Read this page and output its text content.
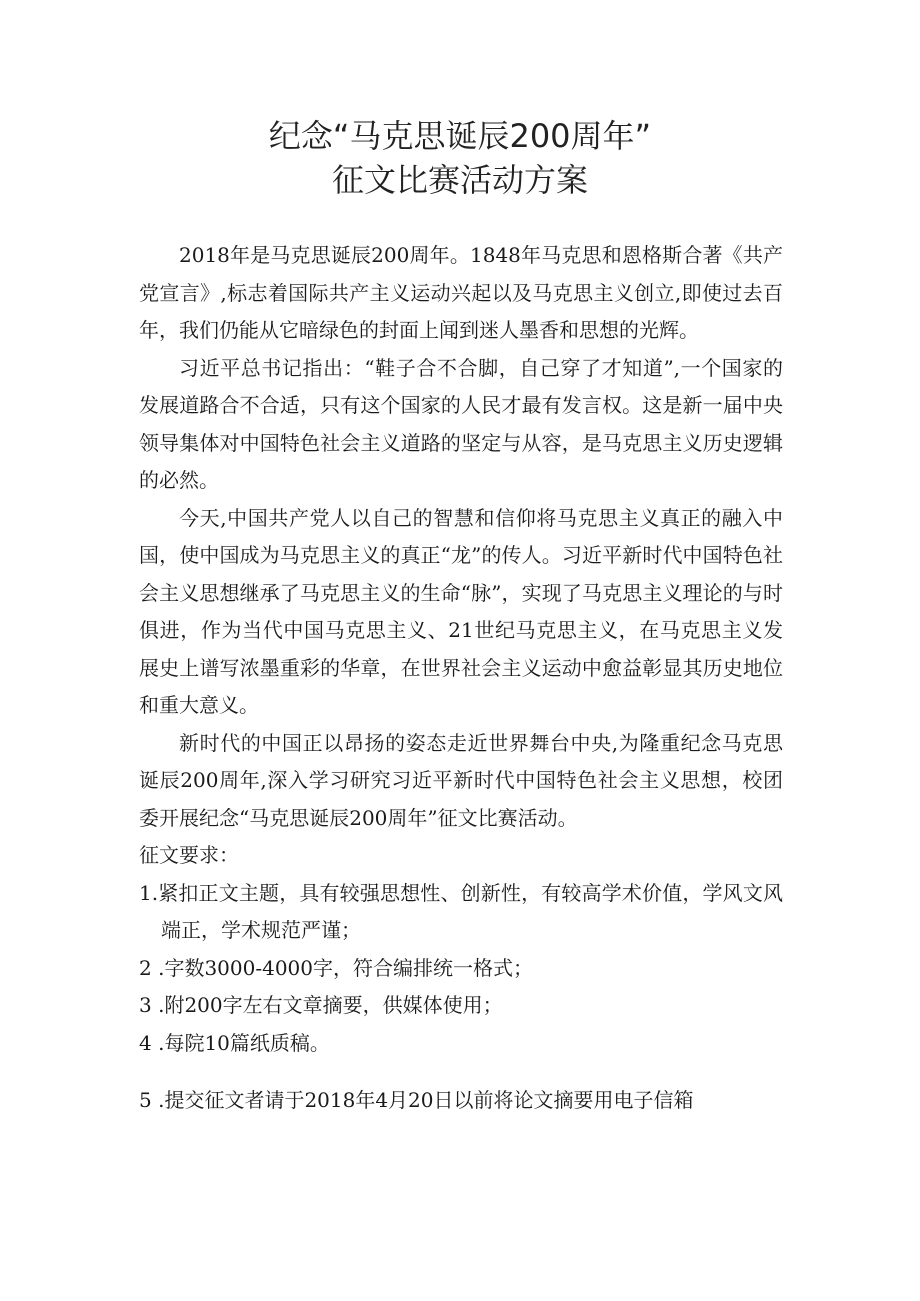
纪念“马克思诞辰200周年”
征文比赛活动方案

2018年是马克思诞辰200周年。1848年马克思和恩格斯合著《共产党宣言》,标志着国际共产主义运动兴起以及马克思主义创立,即使过去百年，我们仍能从它暗绿色的封面上闻到迷人墨香和思想的光辉。

习近平总书记指出：“鞋子合不合脚，自己穿了才知道”,一个国家的发展道路合不合适，只有这个国家的人民才最有发言权。这是新一届中央领导集体对中国特色社会主义道路的坚定与从容，是马克思主义历史逻辑的必然。

今天,中国共产党人以自己的智慧和信仰将马克思主义真正的融入中国，使中国成为马克思主义的真正“龙”的传人。习近平新时代中国特色社会主义思想继承了马克思主义的生命“脉”，实现了马克思主义理论的与时俱进，作为当代中国马克思主义、21世纪马克思主义，在马克思主义发展史上谱写浓墨重彩的华章，在世界社会主义运动中愈益彰显其历史地位和重大意义。

新时代的中国正以昂扬的姿态走近世界舞台中央,为隆重纪念马克思诞辰200周年,深入学习研究习近平新时代中国特色社会主义思想，校团委开展纪念“马克思诞辰200周年”征文比赛活动。

征文要求：

1.紧扣正文主题，具有较强思想性、创新性，有较高学术价值，学风文风端正，学术规范严谨；

2 .字数3000-4000字，符合编排统一格式；

3 .附200字左右文章摘要，供媒体使用；

4 .每院10篇纸质稿。

5 .提交征文者请于2018年4月20日以前将论文摘要用电子信箱
